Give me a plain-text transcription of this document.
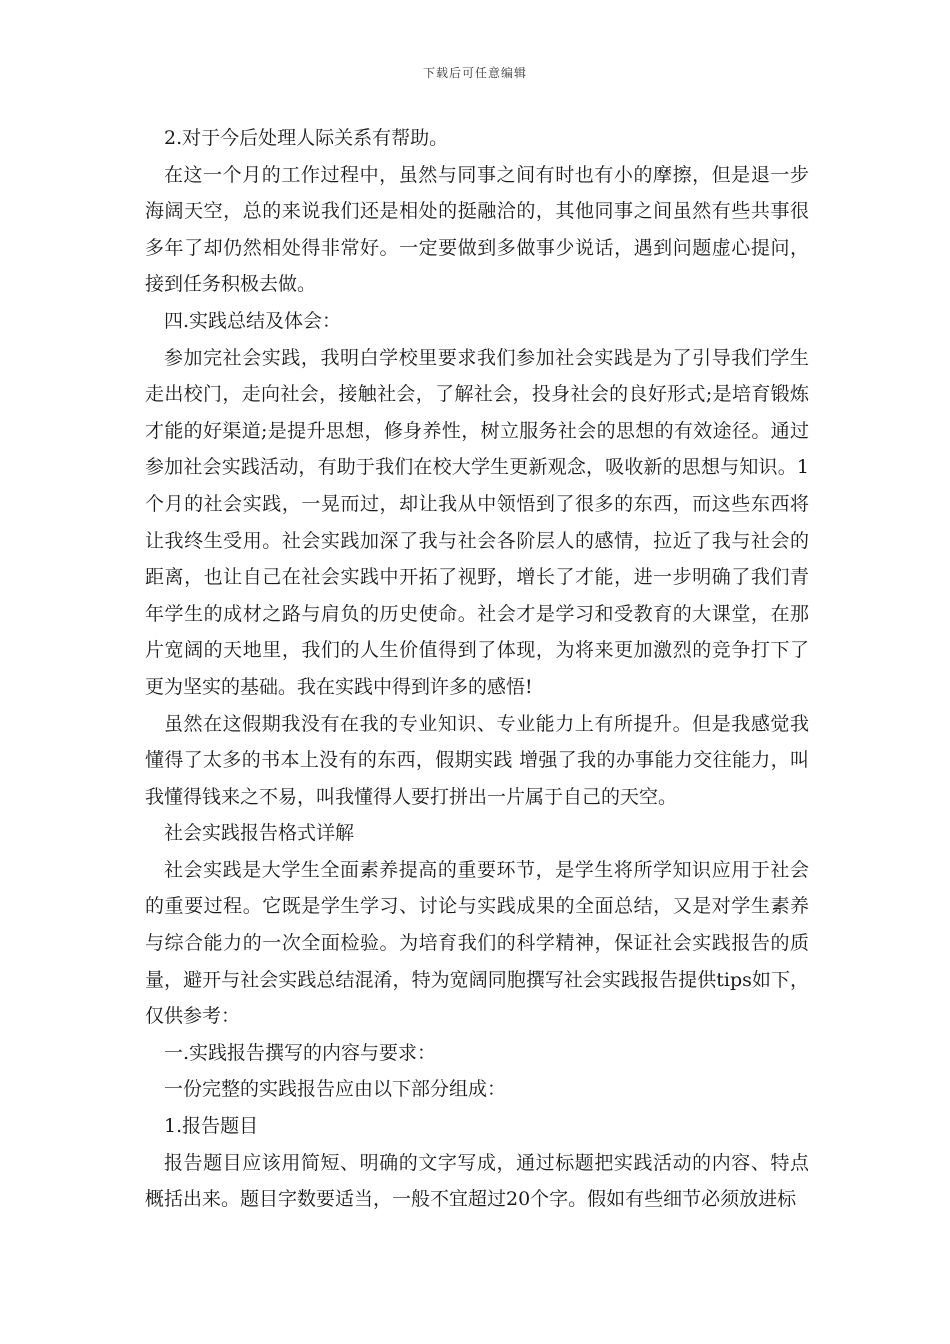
下载后可任意编辑

2.对于今后处理人际关系有帮助。

在这一个月的工作过程中，虽然与同事之间有时也有小的摩擦，但是退一步海阔天空，总的来说我们还是相处的挺融洽的，其他同事之间虽然有些共事很多年了却仍然相处得非常好。一定要做到多做事少说话，遇到问题虚心提问，接到任务积极去做。

四.实践总结及体会：

参加完社会实践，我明白学校里要求我们参加社会实践是为了引导我们学生走出校门，走向社会，接触社会，了解社会，投身社会的良好形式;是培育锻炼才能的好渠道;是提升思想，修身养性，树立服务社会的思想的有效途径。通过参加社会实践活动，有助于我们在校大学生更新观念，吸收新的思想与知识。1个月的社会实践，一晃而过，却让我从中领悟到了很多的东西，而这些东西将让我终生受用。社会实践加深了我与社会各阶层人的感情，拉近了我与社会的距离，也让自己在社会实践中开拓了视野，增长了才能，进一步明确了我们青年学生的成材之路与肩负的历史使命。社会才是学习和受教育的大课堂，在那片宽阔的天地里，我们的人生价值得到了体现，为将来更加激烈的竞争打下了更为坚实的基础。我在实践中得到许多的感悟!

虽然在这假期我没有在我的专业知识、专业能力上有所提升。但是我感觉我懂得了太多的书本上没有的东西，假期实践 增强了我的办事能力交往能力，叫我懂得钱来之不易，叫我懂得人要打拼出一片属于自己的天空。

社会实践报告格式详解

社会实践是大学生全面素养提高的重要环节，是学生将所学知识应用于社会的重要过程。它既是学生学习、讨论与实践成果的全面总结，又是对学生素养与综合能力的一次全面检验。为培育我们的科学精神，保证社会实践报告的质量，避开与社会实践总结混淆，特为宽阔同胞撰写社会实践报告提供tips如下，仅供参考：

一.实践报告撰写的内容与要求：

一份完整的实践报告应由以下部分组成：

1.报告题目

报告题目应该用简短、明确的文字写成，通过标题把实践活动的内容、特点概括出来。题目字数要适当，一般不宜超过20个字。假如有些细节必须放进标
